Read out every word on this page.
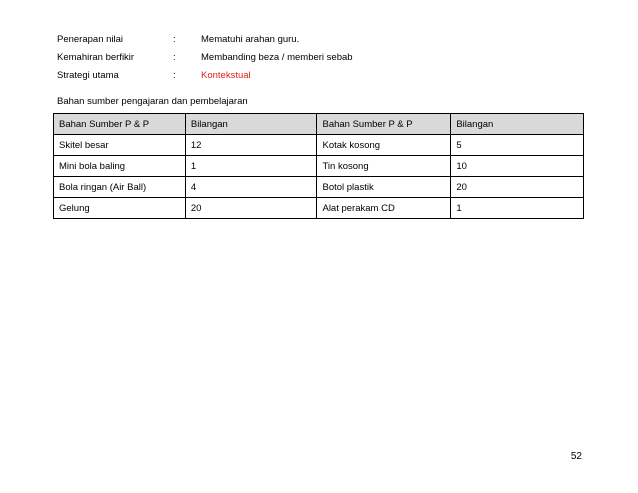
Penerapan nilai	:	Mematuhi arahan guru.
Kemahiran berfikir	:	Membanding beza / memberi sebab
Strategi utama	:	Kontekstual
Bahan sumber pengajaran dan pembelajaran
Bahan Sumber P & P	Bilangan	Bahan Sumber P & P	Bilangan
Skitel besar	12	Kotak kosong	5
Mini bola baling	1	Tin kosong	10
Bola ringan (Air Ball)	4	Botol plastik	20
Gelung	20	Alat perakam CD	1
52
